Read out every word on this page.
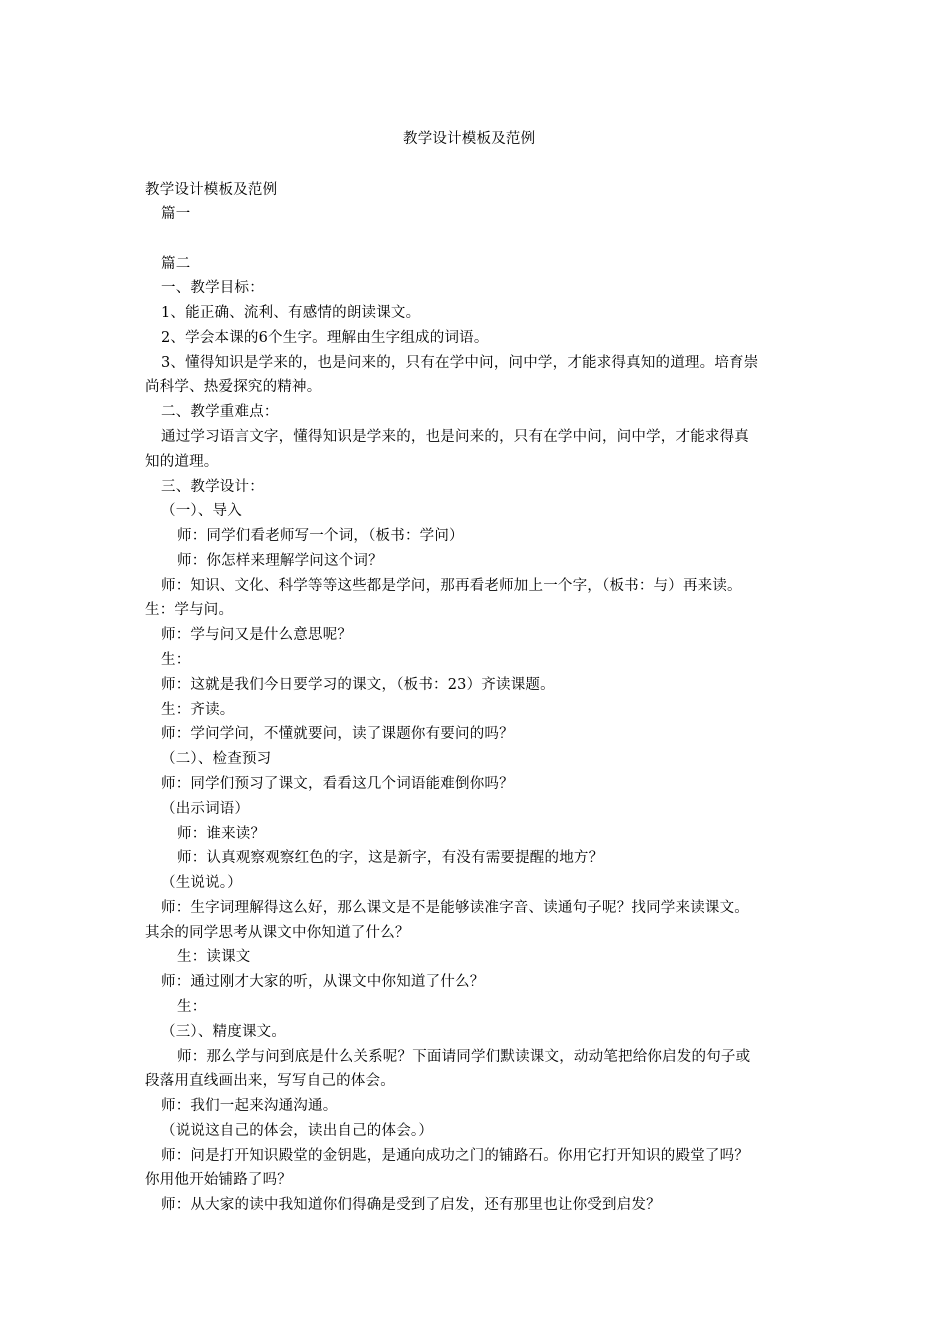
教学设计模板及范例
教学设计模板及范例
篇一
篇二
一、教学目标：
1、能正确、流利、有感情的朗读课文。
2、学会本课的6个生字。理解由生字组成的词语。
3、懂得知识是学来的，也是问来的，只有在学中问，问中学，才能求得真知的道理。培育崇
尚科学、热爱探究的精神。
二、教学重难点：
通过学习语言文字，懂得知识是学来的，也是问来的，只有在学中问，问中学，才能求得真
知的道理。
三、教学设计：
（一）、导入
师：同学们看老师写一个词，（板书：学问）
师：你怎样来理解学问这个词？
师：知识、文化、科学等等这些都是学问，那再看老师加上一个字，（板书：与）再来读。
生：学与问。
师：学与问又是什么意思呢？
生：
师：这就是我们今日要学习的课文，（板书：23）齐读课题。
生：齐读。
师：学问学问，不懂就要问，读了课题你有要问的吗？
（二）、检查预习
师：同学们预习了课文，看看这几个词语能难倒你吗？
（出示词语）
师：谁来读？
师：认真观察观察红色的字，这是新字，有没有需要提醒的地方？
（生说说。）
师：生字词理解得这么好，那么课文是不是能够读准字音、读通句子呢？找同学来读课文。
其余的同学思考从课文中你知道了什么？
生：读课文
师：通过刚才大家的听，从课文中你知道了什么？
生：
（三）、精度课文。
师：那么学与问到底是什么关系呢？下面请同学们默读课文，动动笔把给你启发的句子或
段落用直线画出来，写写自己的体会。
师：我们一起来沟通沟通。
（说说这自己的体会，读出自己的体会。）
师：问是打开知识殿堂的金钥匙，是通向成功之门的铺路石。你用它打开知识的殿堂了吗？
你用他开始铺路了吗？
师：从大家的读中我知道你们得确是受到了启发，还有那里也让你受到启发？
